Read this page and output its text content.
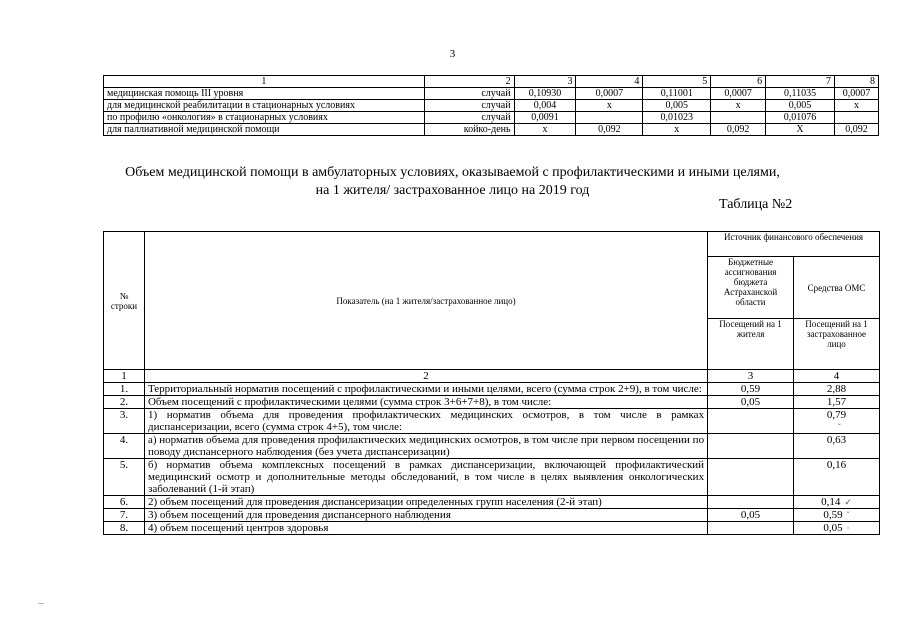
3
1	2	3	4	5	6	7	8
медицинская помощь III уровня	случай	0,10930	0,0007	0,11001	0,0007	0,11035	0,0007
для медицинской реабилитации в стационарных условиях	случай	0,004	х	0,005	х	0,005	х
по профилю «онкология» в стационарных условиях	случай	0,0091		0,01023		0,01076	
для паллиативной медицинской помощи	койко-день	х	0,092	х	0,092	Х	0,092
Объем медицинской помощи в амбулаторных условиях, оказываемой с профилактическими и иными целями,
на 1 жителя/ застрахованное лицо на 2019 год
Таблица №2
№ строки	Показатель (на 1 жителя/застрахованное лицо)	Источник финансового обеспечения	
		Бюджетные ассигнования бюджета Астраханской области	Средства ОМС
		Посещений на 1 жителя	Посещений на 1 застрахованное лицо
1	2	3	4
1.	Территориальный норматив посещений с профилактическими и иными целями, всего (сумма строк 2+9), в том числе:	0,59	2,88
2.	Объем посещений с профилактическими целями (сумма строк 3+6+7+8), в том числе:	0,05	1,57
3.	1) норматив объема для проведения профилактических медицинских осмотров, в том числе в рамках диспансеризации, всего (сумма строк 4+5), том числе:		0,79
ˇ
4.	а) норматив объема для проведения профилактических медицинских осмотров, в том числе при первом посещении по поводу диспансерного наблюдения (без учета диспансеризации)		0,63
5.	б) норматив объема комплексных посещений в рамках диспансеризации, включающей профилактический медицинский осмотр и дополнительные методы обследований, в том числе в целях выявления онкологических заболеваний (1-й этап)		0,16
6.	2) объем посещений для проведения диспансеризации определенных групп населения (2-й этап)		0,14 ✓
7.	3) объем посещений для проведения диспансерного наблюдения	0,05	0,59 ˘
8.	4) объем посещений центров здоровья		0,05 ·
